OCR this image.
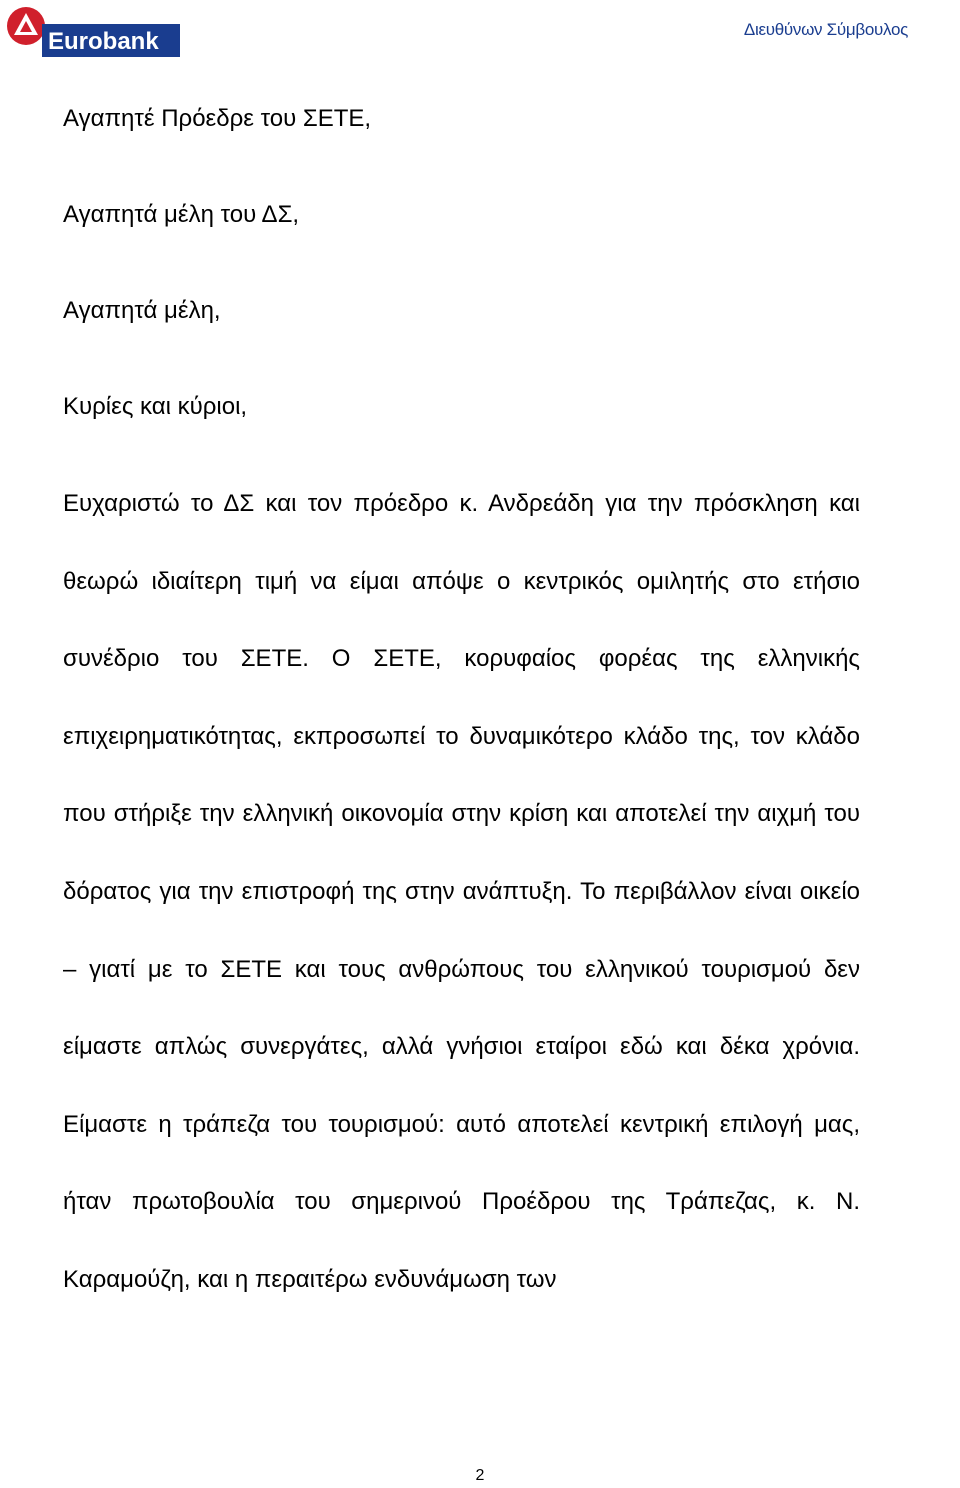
Eurobank	Διευθύνων Σύμβουλος
Αγαπητέ Πρόεδρε του ΣΕΤΕ,
Αγαπητά μέλη του ΔΣ,
Αγαπητά μέλη,
Κυρίες και κύριοι,

Ευχαριστώ το ΔΣ και τον πρόεδρο κ. Ανδρεάδη για την πρόσκληση και θεωρώ ιδιαίτερη τιμή να είμαι απόψε ο κεντρικός ομιλητής στο ετήσιο συνέδριο του ΣΕΤΕ. Ο ΣΕΤΕ, κορυφαίος φορέας της ελληνικής επιχειρηματικότητας, εκπροσωπεί το δυναμικότερο κλάδο της, τον κλάδο που στήριξε την ελληνική οικονομία στην κρίση και αποτελεί την αιχμή του δόρατος για την επιστροφή της στην ανάπτυξη. Το περιβάλλον είναι οικείο – γιατί με το ΣΕΤΕ και τους ανθρώπους του ελληνικού τουρισμού δεν είμαστε απλώς συνεργάτες, αλλά γνήσιοι εταίροι εδώ και δέκα χρόνια. Είμαστε η τράπεζα του τουρισμού: αυτό αποτελεί κεντρική επιλογή μας, ήταν πρωτοβουλία του σημερινού Προέδρου της Τράπεζας, κ. Ν. Καραμούζη, και η περαιτέρω ενδυνάμωση των

2
